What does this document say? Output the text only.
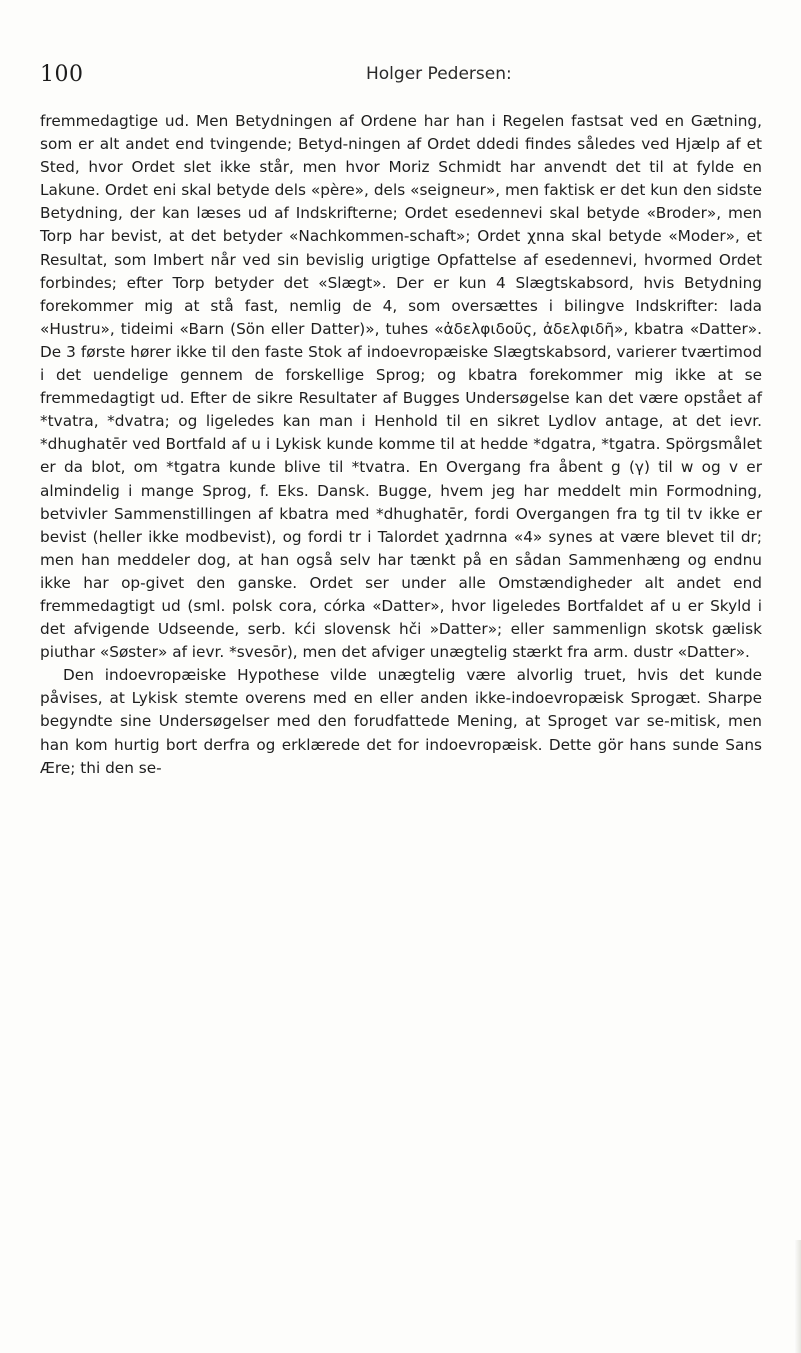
100	Holger Pedersen:

fremmedagtige ud. Men Betydningen af Ordene har han i Regelen fastsat ved en Gætning, som er alt andet end tvingende; Betyd-ningen af Ordet ddedi findes således ved Hjælp af et Sted, hvor Ordet slet ikke står, men hvor Moriz Schmidt har anvendt det til at fylde en Lakune. Ordet eni skal betyde dels «père», dels «seigneur», men faktisk er det kun den sidste Betydning, der kan læses ud af Indskrifterne; Ordet esedennevi skal betyde «Broder», men Torp har bevist, at det betyder «Nachkommen-schaft»; Ordet χnna skal betyde «Moder», et Resultat, som Imbert når ved sin bevislig urigtige Opfattelse af esedennevi, hvormed Ordet forbindes; efter Torp betyder det «Slægt». Der er kun 4 Slægtskabsord, hvis Betydning forekommer mig at stå fast, nemlig de 4, som oversættes i bilingve Indskrifter: lada «Hustru», tideimi «Barn (Sön eller Datter)», tuhes «ἀδελφιδοῦς, ἀδελφιδῆ», kbatra «Datter». De 3 første hører ikke til den faste Stok af indoevropæiske Slægtskabsord, varierer tværtimod i det uendelige gennem de forskellige Sprog; og kbatra forekommer mig ikke at se fremmedagtigt ud. Efter de sikre Resultater af Bugges Undersøgelse kan det være opstået af *tvatra, *dvatra; og ligeledes kan man i Henhold til en sikret Lydlov antage, at det ievr. *dhughatēr ved Bortfald af u i Lykisk kunde komme til at hedde *dgatra, *tgatra. Spörgsmålet er da blot, om *tgatra kunde blive til *tvatra. En Overgang fra åbent g (γ) til w og v er almindelig i mange Sprog, f. Eks. Dansk. Bugge, hvem jeg har meddelt min Formodning, betvivler Sammenstillingen af kbatra med *dhughatēr, fordi Overgangen fra tg til tv ikke er bevist (heller ikke modbevist), og fordi tr i Talordet χadrnna «4» synes at være blevet til dr; men han meddeler dog, at han også selv har tænkt på en sådan Sammenhæng og endnu ikke har op-givet den ganske. Ordet ser under alle Omstændigheder alt andet end fremmedagtigt ud (sml. polsk cora, córka «Datter», hvor ligeledes Bortfaldet af u er Skyld i det afvigende Udseende, serb. kći slovensk hči »Datter»; eller sammenlign skotsk gælisk piuthar «Søster» af ievr. *svesōr), men det afviger unægtelig stærkt fra arm. dustr «Datter».

Den indoevropæiske Hypothese vilde unægtelig være alvorlig truet, hvis det kunde påvises, at Lykisk stemte overens med en eller anden ikke-indoevropæisk Sprogæt. Sharpe begyndte sine Undersøgelser med den forudfattede Mening, at Sproget var se-mitisk, men han kom hurtig bort derfra og erklærede det for indoevropæisk. Dette gör hans sunde Sans Ære; thi den se-
